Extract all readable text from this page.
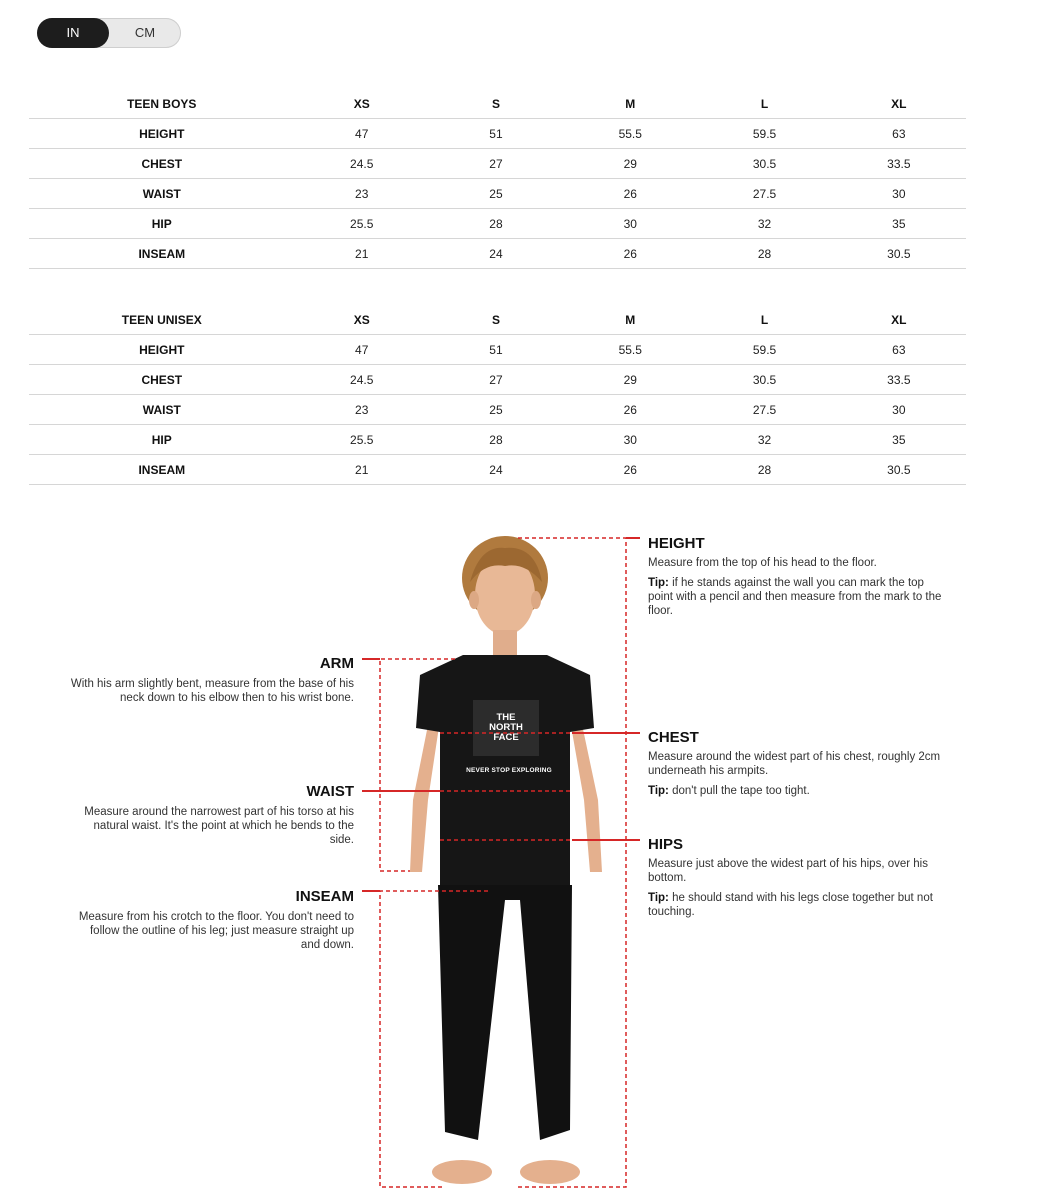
IN	CM
TEEN BOYS	XS	S	M	L	XL
HEIGHT	47	51	55.5	59.5	63
CHEST	24.5	27	29	30.5	33.5
WAIST	23	25	26	27.5	30
HIP	25.5	28	30	32	35
INSEAM	21	24	26	28	30.5
TEEN UNISEX	XS	S	M	L	XL
HEIGHT	47	51	55.5	59.5	63
CHEST	24.5	27	29	30.5	33.5
WAIST	23	25	26	27.5	30
HIP	25.5	28	30	32	35
INSEAM	21	24	26	28	30.5
THE
NORTH
FACE
NEVER STOP EXPLORING
HEIGHT
Measure from the top of his head to the floor.
Tip: if he stands against the wall you can mark the top point with a pencil and then measure from the mark to the floor.
ARM
With his arm slightly bent, measure from the base of his neck down to his elbow then to his wrist bone.
CHEST
Measure around the widest part of his chest, roughly 2cm underneath his armpits.
Tip: don't pull the tape too tight.
WAIST
Measure around the narrowest part of his torso at his natural waist. It's the point at which he bends to the side.	HIPS
Measure just above the widest part of his hips, over his bottom.
Tip: he should stand with his legs close together but not touching.
INSEAM
Measure from his crotch to the floor. You don't need to follow the outline of his leg; just measure straight up and down.
